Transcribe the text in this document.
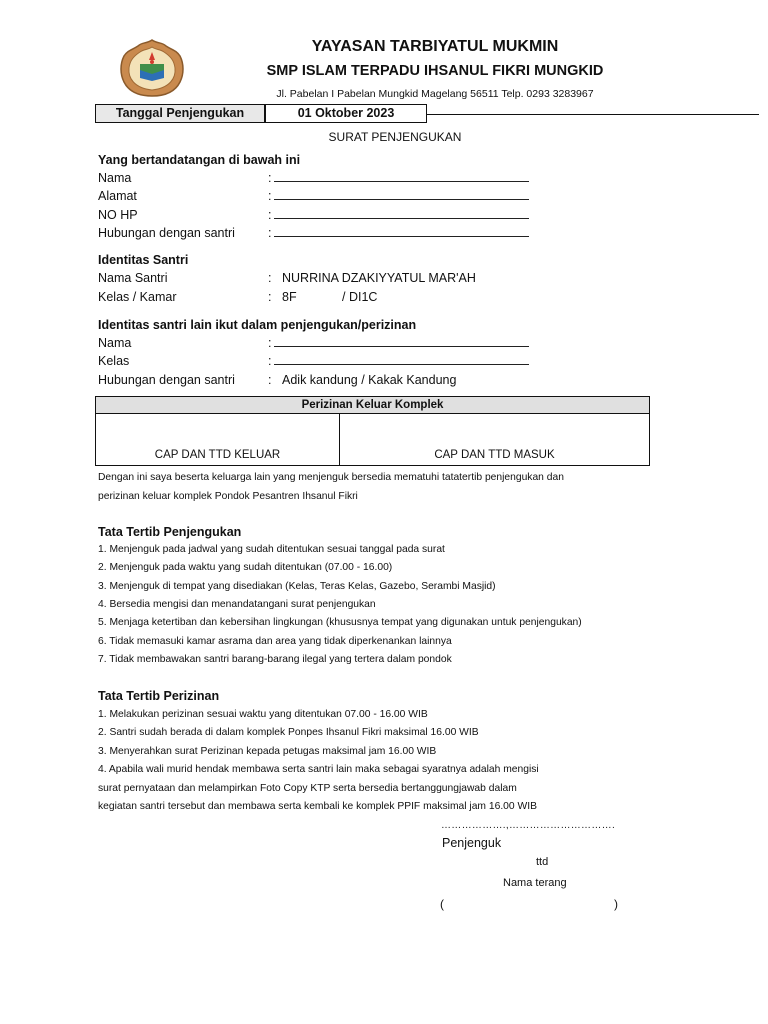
YAYASAN TARBIYATUL MUKMIN
SMP ISLAM TERPADU IHSANUL FIKRI MUNGKID
Jl. Pabelan I Pabelan Mungkid Magelang 56511 Telp. 0293 3283967
Tanggal Penjengukan	01 Oktober 2023
SURAT PENJENGUKAN
Yang bertandatangan di bawah ini
Nama	:
Alamat	:
NO HP	:
Hubungan dengan santri	:
Identitas Santri
Nama Santri	: NURRINA DZAKIYYATUL MAR'AH
Kelas / Kamar	: 8F	/ DI1C
Identitas santri lain ikut dalam penjengukan/perizinan
Nama	:
Kelas	:
Hubungan dengan santri	: Adik kandung / Kakak Kandung
Perizinan Keluar Komplek
CAP DAN TTD KELUAR	CAP DAN TTD MASUK
Dengan ini saya beserta keluarga lain yang menjenguk bersedia mematuhi tatatertib penjengukan dan
perizinan keluar komplek Pondok Pesantren Ihsanul Fikri
Tata Tertib Penjengukan
1. Menjenguk pada jadwal yang sudah ditentukan sesuai tanggal pada surat
2. Menjenguk pada waktu yang sudah ditentukan (07.00 - 16.00)
3. Menjenguk di tempat yang disediakan (Kelas, Teras Kelas, Gazebo, Serambi Masjid)
4. Bersedia mengisi dan menandatangani surat penjengukan
5. Menjaga ketertiban dan kebersihan lingkungan (khususnya tempat yang digunakan untuk penjengukan)
6. Tidak memasuki kamar asrama dan area yang tidak diperkenankan lainnya
7. Tidak membawakan santri barang-barang ilegal yang tertera dalam pondok
Tata Tertib Perizinan
1. Melakukan perizinan sesuai waktu yang ditentukan 07.00 - 16.00 WIB
2. Santri sudah berada di dalam komplek Ponpes Ihsanul Fikri maksimal 16.00 WIB
3. Menyerahkan surat Perizinan kepada petugas maksimal jam 16.00 WIB
4. Apabila wali murid hendak membawa serta santri lain maka sebagai syaratnya adalah mengisi
surat pernyataan dan melampirkan Foto Copy KTP serta bersedia bertanggungjawab dalam
kegiatan santri tersebut dan membawa serta kembali ke komplek PPIF maksimal jam 16.00 WIB
……………….,………………………….
Penjenguk
ttd
Nama terang
(	)
